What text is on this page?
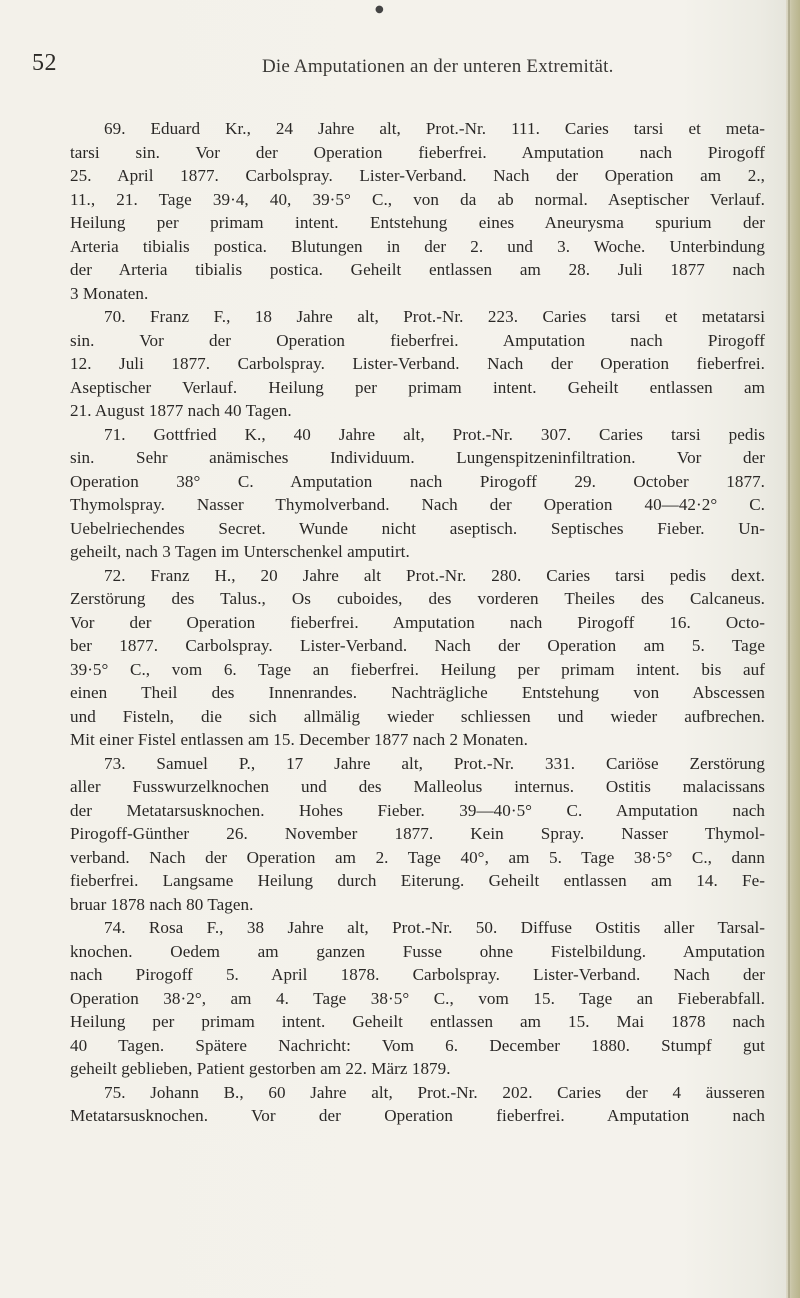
●
52	Die Amputationen an der unteren Extremität.

69. Eduard Kr., 24 Jahre alt, Prot.-Nr. 111. Caries tarsi et meta-
tarsi sin. Vor der Operation fieberfrei. Amputation nach Pirogoff
25. April 1877. Carbolspray. Lister-Verband. Nach der Operation am 2.,
11., 21. Tage 39·4, 40, 39·5° C., von da ab normal. Aseptischer Verlauf.
Heilung per primam intent. Entstehung eines Aneurysma spurium der
Arteria tibialis postica. Blutungen in der 2. und 3. Woche. Unterbindung
der Arteria tibialis postica. Geheilt entlassen am 28. Juli 1877 nach
3 Monaten.

70. Franz F., 18 Jahre alt, Prot.-Nr. 223. Caries tarsi et metatarsi
sin. Vor der Operation fieberfrei. Amputation nach Pirogoff
12. Juli 1877. Carbolspray. Lister-Verband. Nach der Operation fieberfrei.
Aseptischer Verlauf. Heilung per primam intent. Geheilt entlassen am
21. August 1877 nach 40 Tagen.

71. Gottfried K., 40 Jahre alt, Prot.-Nr. 307. Caries tarsi pedis
sin. Sehr anämisches Individuum. Lungenspitzeninfiltration. Vor der
Operation 38° C. Amputation nach Pirogoff 29. October 1877.
Thymolspray. Nasser Thymolverband. Nach der Operation 40—42·2° C.
Uebelriechendes Secret. Wunde nicht aseptisch. Septisches Fieber. Un-
geheilt, nach 3 Tagen im Unterschenkel amputirt.

72. Franz H., 20 Jahre alt Prot.-Nr. 280. Caries tarsi pedis dext.
Zerstörung des Talus., Os cuboides, des vorderen Theiles des Calcaneus.
Vor der Operation fieberfrei. Amputation nach Pirogoff 16. Octo-
ber 1877. Carbolspray. Lister-Verband. Nach der Operation am 5. Tage
39·5° C., vom 6. Tage an fieberfrei. Heilung per primam intent. bis auf
einen Theil des Innenrandes. Nachträgliche Entstehung von Abscessen
und Fisteln, die sich allmälig wieder schliessen und wieder aufbrechen.
Mit einer Fistel entlassen am 15. December 1877 nach 2 Monaten.

73. Samuel P., 17 Jahre alt, Prot.-Nr. 331. Cariöse Zerstörung
aller Fusswurzelknochen und des Malleolus internus. Ostitis malacissans
der Metatarsusknochen. Hohes Fieber. 39—40·5° C. Amputation nach
Pirogoff-Günther 26. November 1877. Kein Spray. Nasser Thymol-
verband. Nach der Operation am 2. Tage 40°, am 5. Tage 38·5° C., dann
fieberfrei. Langsame Heilung durch Eiterung. Geheilt entlassen am 14. Fe-
bruar 1878 nach 80 Tagen.

74. Rosa F., 38 Jahre alt, Prot.-Nr. 50. Diffuse Ostitis aller Tarsal-
knochen. Oedem am ganzen Fusse ohne Fistelbildung. Amputation
nach Pirogoff 5. April 1878. Carbolspray. Lister-Verband. Nach der
Operation 38·2°, am 4. Tage 38·5° C., vom 15. Tage an Fieberabfall.
Heilung per primam intent. Geheilt entlassen am 15. Mai 1878 nach
40 Tagen. Spätere Nachricht: Vom 6. December 1880. Stumpf gut
geheilt geblieben, Patient gestorben am 22. März 1879.

75. Johann B., 60 Jahre alt, Prot.-Nr. 202. Caries der 4 äusseren
Metatarsusknochen. Vor der Operation fieberfrei. Amputation nach
